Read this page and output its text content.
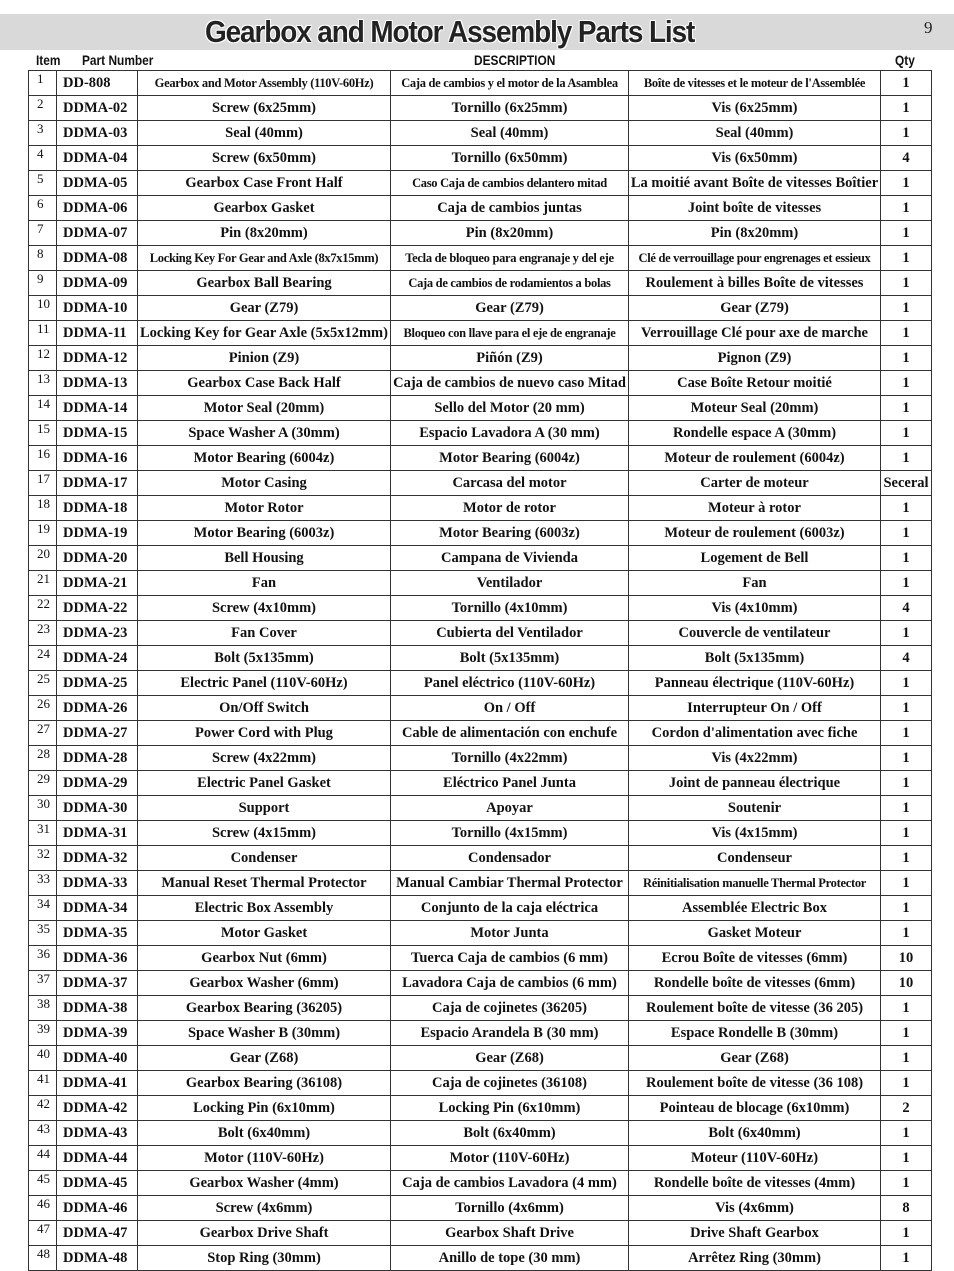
Gearbox and Motor Assembly Parts List	9
Item Part Number	DESCRIPTION	Qty
1	DD-808	Gearbox and Motor Assembly (110V-60Hz)	Caja de cambios y el motor de la Asamblea	Boîte de vitesses et le moteur de l'Assemblée	1
2	DDMA-02	Screw (6x25mm)	Tornillo (6x25mm)	Vis (6x25mm)	1
3	DDMA-03	Seal (40mm)	Seal (40mm)	Seal (40mm)	1
4	DDMA-04	Screw (6x50mm)	Tornillo (6x50mm)	Vis (6x50mm)	4
5	DDMA-05	Gearbox Case Front Half	Caso Caja de cambios delantero mitad	La moitié avant Boîte de vitesses Boîtier	1
6	DDMA-06	Gearbox Gasket	Caja de cambios juntas	Joint boîte de vitesses	1
7	DDMA-07	Pin (8x20mm)	Pin (8x20mm)	Pin (8x20mm)	1
8	DDMA-08	Locking Key For Gear and Axle (8x7x15mm)	Tecla de bloqueo para engranaje y del eje	Clé de verrouillage pour engrenages et essieux	1
9	DDMA-09	Gearbox Ball Bearing	Caja de cambios de rodamientos a bolas	Roulement à billes Boîte de vitesses	1
10	DDMA-10	Gear (Z79)	Gear (Z79)	Gear (Z79)	1
11	DDMA-11	Locking Key for Gear Axle (5x5x12mm)	Bloqueo con llave para el eje de engranaje	Verrouillage Clé pour axe de marche	1
12	DDMA-12	Pinion (Z9)	Piñón (Z9)	Pignon (Z9)	1
13	DDMA-13	Gearbox Case Back Half	Caja de cambios de nuevo caso Mitad	Case Boîte Retour moitié	1
14	DDMA-14	Motor Seal (20mm)	Sello del Motor (20 mm)	Moteur Seal (20mm)	1
15	DDMA-15	Space Washer A (30mm)	Espacio Lavadora A (30 mm)	Rondelle espace A (30mm)	1
16	DDMA-16	Motor Bearing (6004z)	Motor Bearing (6004z)	Moteur de roulement (6004z)	1
17	DDMA-17	Motor Casing	Carcasa del motor	Carter de moteur	Seceral
18	DDMA-18	Motor Rotor	Motor de rotor	Moteur à rotor	1
19	DDMA-19	Motor Bearing (6003z)	Motor Bearing (6003z)	Moteur de roulement (6003z)	1
20	DDMA-20	Bell Housing	Campana de Vivienda	Logement de Bell	1
21	DDMA-21	Fan	Ventilador	Fan	1
22	DDMA-22	Screw (4x10mm)	Tornillo (4x10mm)	Vis (4x10mm)	4
23	DDMA-23	Fan Cover	Cubierta del Ventilador	Couvercle de ventilateur	1
24	DDMA-24	Bolt (5x135mm)	Bolt (5x135mm)	Bolt (5x135mm)	4
25	DDMA-25	Electric Panel (110V-60Hz)	Panel eléctrico (110V-60Hz)	Panneau électrique (110V-60Hz)	1
26	DDMA-26	On/Off Switch	On / Off	Interrupteur On / Off	1
27	DDMA-27	Power Cord with Plug	Cable de alimentación con enchufe	Cordon d'alimentation avec fiche	1
28	DDMA-28	Screw (4x22mm)	Tornillo (4x22mm)	Vis (4x22mm)	1
29	DDMA-29	Electric Panel Gasket	Eléctrico Panel Junta	Joint de panneau électrique	1
30	DDMA-30	Support	Apoyar	Soutenir	1
31	DDMA-31	Screw (4x15mm)	Tornillo (4x15mm)	Vis (4x15mm)	1
32	DDMA-32	Condenser	Condensador	Condenseur	1
33	DDMA-33	Manual Reset Thermal Protector	Manual Cambiar Thermal Protector	Réinitialisation manuelle Thermal Protector	1
34	DDMA-34	Electric Box Assembly	Conjunto de la caja eléctrica	Assemblée Electric Box	1
35	DDMA-35	Motor Gasket	Motor Junta	Gasket Moteur	1
36	DDMA-36	Gearbox Nut (6mm)	Tuerca Caja de cambios (6 mm)	Ecrou Boîte de vitesses (6mm)	10
37	DDMA-37	Gearbox Washer (6mm)	Lavadora Caja de cambios (6 mm)	Rondelle boîte de vitesses (6mm)	10
38	DDMA-38	Gearbox Bearing (36205)	Caja de cojinetes (36205)	Roulement boîte de vitesse (36 205)	1
39	DDMA-39	Space Washer B (30mm)	Espacio Arandela B (30 mm)	Espace Rondelle B (30mm)	1
40	DDMA-40	Gear (Z68)	Gear (Z68)	Gear (Z68)	1
41	DDMA-41	Gearbox Bearing (36108)	Caja de cojinetes (36108)	Roulement boîte de vitesse (36 108)	1
42	DDMA-42	Locking Pin (6x10mm)	Locking Pin (6x10mm)	Pointeau de blocage (6x10mm)	2
43	DDMA-43	Bolt (6x40mm)	Bolt (6x40mm)	Bolt (6x40mm)	1
44	DDMA-44	Motor (110V-60Hz)	Motor (110V-60Hz)	Moteur (110V-60Hz)	1
45	DDMA-45	Gearbox Washer (4mm)	Caja de cambios Lavadora (4 mm)	Rondelle boîte de vitesses (4mm)	1
46	DDMA-46	Screw (4x6mm)	Tornillo (4x6mm)	Vis (4x6mm)	8
47	DDMA-47	Gearbox Drive Shaft	Gearbox Shaft Drive	Drive Shaft Gearbox	1
48	DDMA-48	Stop Ring (30mm)	Anillo de tope (30 mm)	Arrêtez Ring (30mm)	1
